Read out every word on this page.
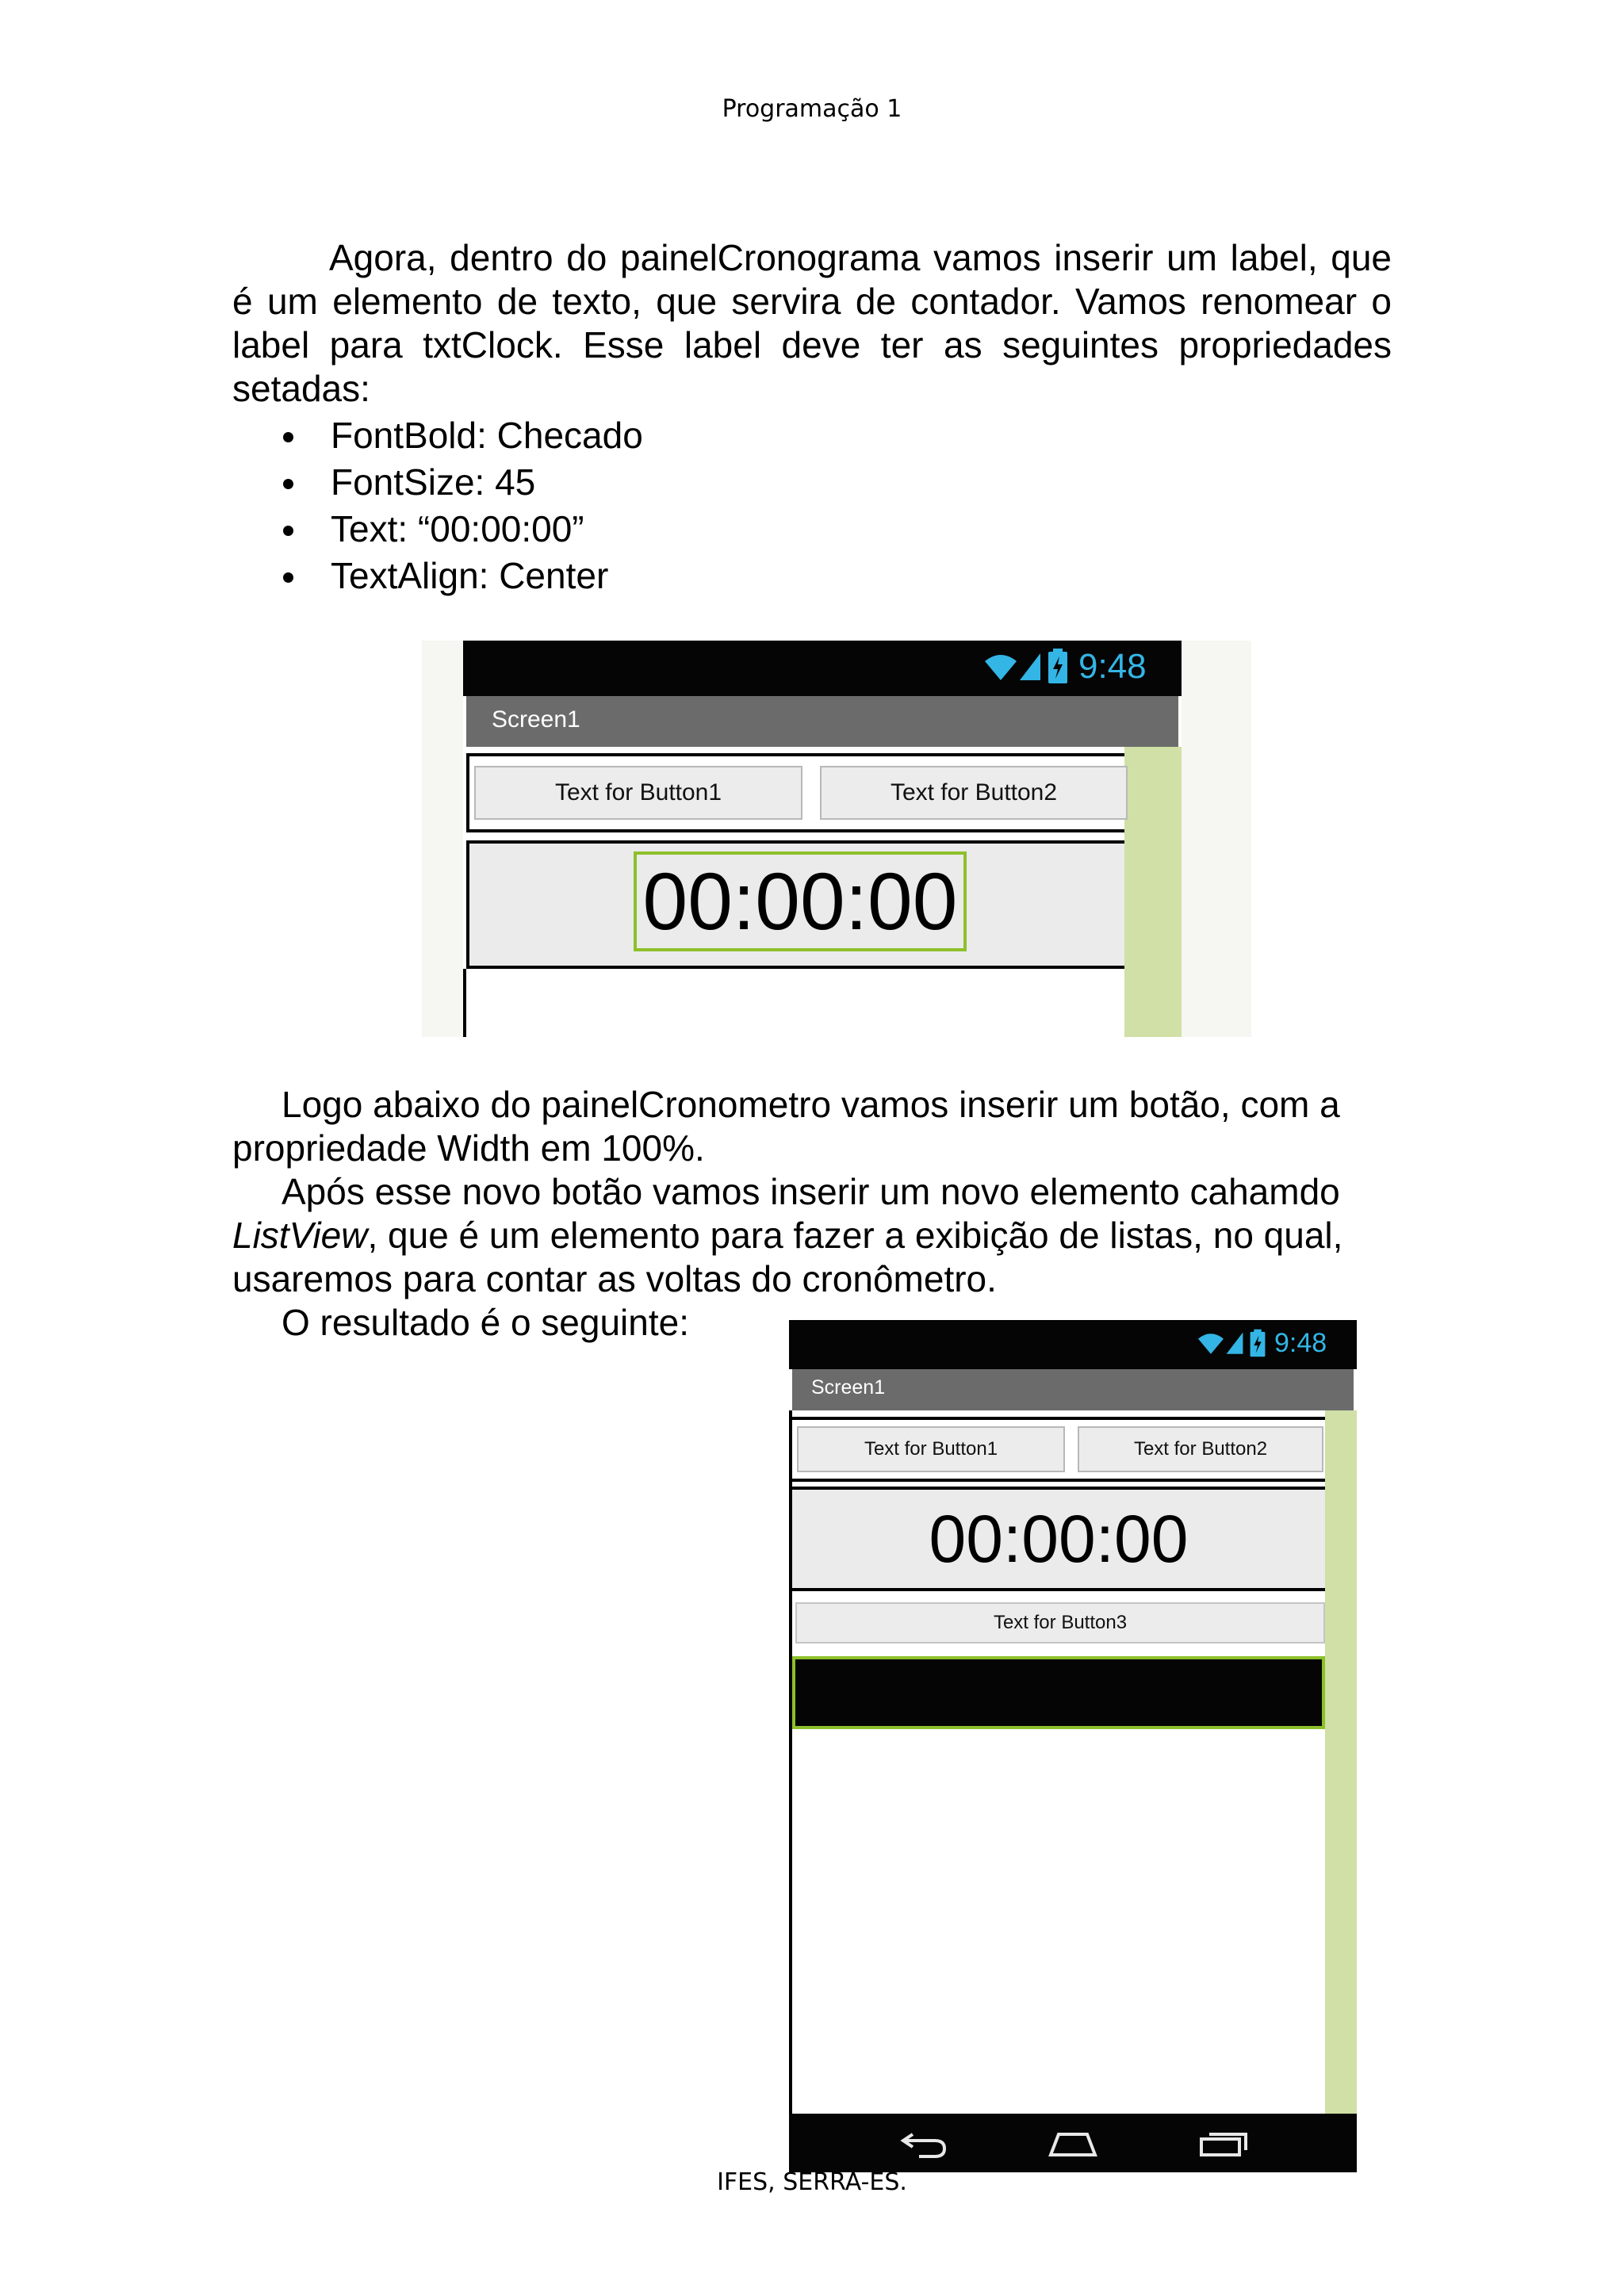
Programação 1
Agora, dentro do painelCronograma vamos inserir um label, que é um elemento de texto, que servira de contador. Vamos renomear o label para txtClock. Esse label deve ter as seguintes propriedades setadas:
FontBold: Checado
FontSize: 45
Text: “00:00:00”
TextAlign: Center
9:48
Screen1
Text for Button1	Text for Button2
00:00:00
Logo abaixo do painelCronometro vamos inserir um botão, com a propriedade Width em 100%.
Após esse novo botão vamos inserir um novo elemento cahamdo ListView, que é um elemento para fazer a exibição de listas, no qual, usaremos para contar as voltas do cronômetro.
O resultado é o seguinte:	9:48
Screen1
Text for Button1	Text for Button2
00:00:00
Text for Button3
IFES, SERRA-ES.
